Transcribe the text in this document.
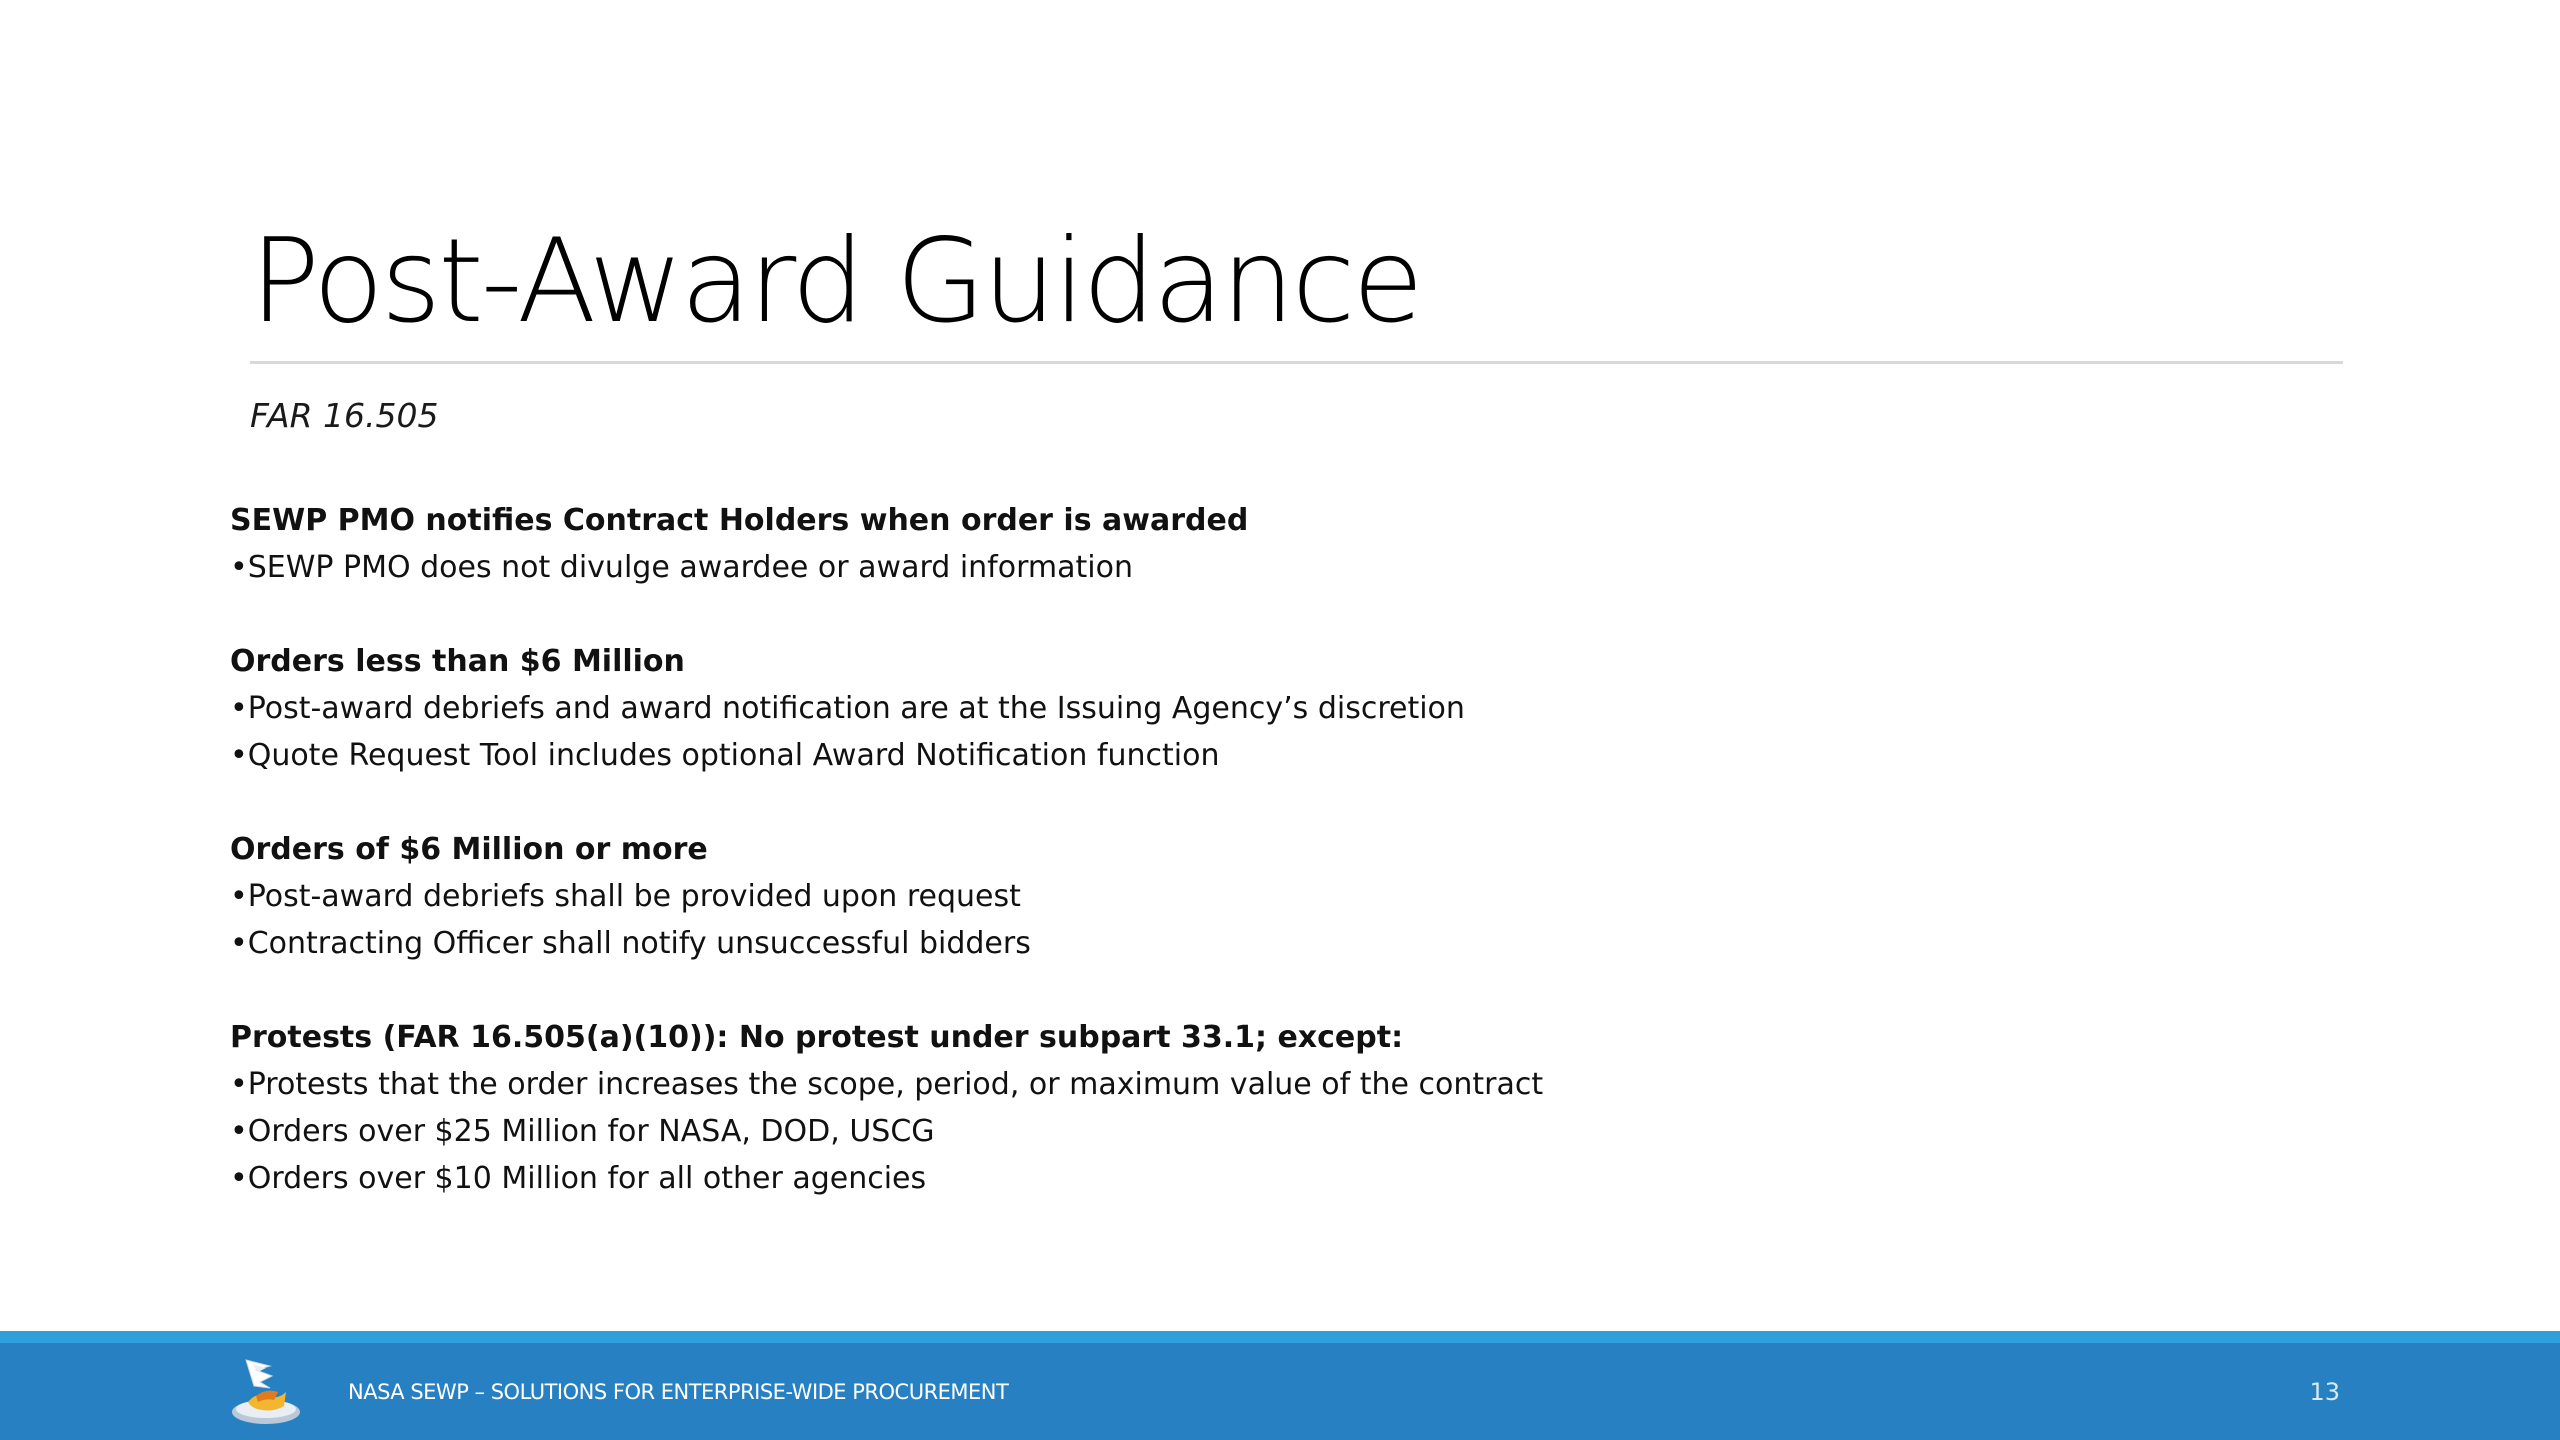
Post-Award Guidance
FAR 16.505

SEWP PMO notifies Contract Holders when order is awarded

• SEWP PMO does not divulge awardee or award information

Orders less than $6 Million

• Post-award debriefs and award notification are at the Issuing Agency’s discretion
• Quote Request Tool includes optional Award Notification function

Orders of $6 Million or more

• Post-award debriefs shall be provided upon request
• Contracting Officer shall notify unsuccessful bidders

Protests (FAR 16.505(a)(10)): No protest under subpart 33.1; except:

• Protests that the order increases the scope, period, or maximum value of the contract
• Orders over $25 Million for NASA, DOD, USCG
• Orders over $10 Million for all other agencies
NASA SEWP – SOLUTIONS FOR ENTERPRISE-WIDE PROCUREMENT	13
